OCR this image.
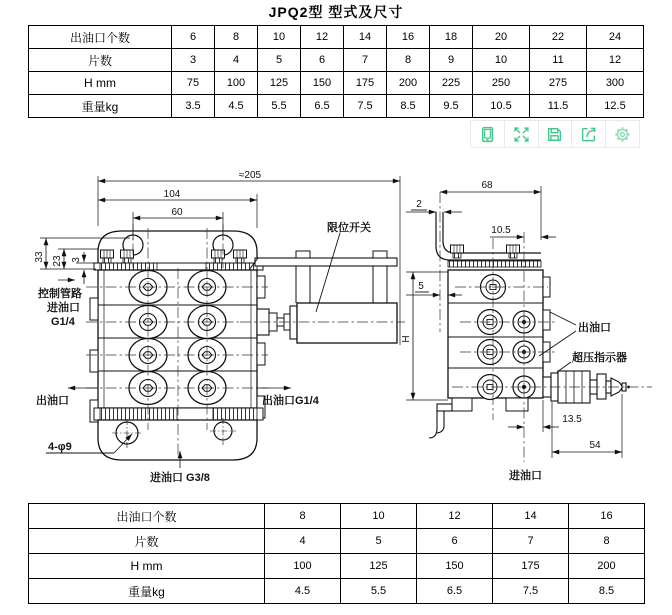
JPQ2型 型式及尺寸
出油口个数	6	8	10	12	14	16	18	20	22	24
片数	3	4	5	6	7	8	9	10	11	12
H mm	75	100	125	150	175	200	225	250	275	300
重量kg	3.5	4.5	5.5	6.5	7.5	8.5	9.5	10.5	11.5	12.5
≈205
104
60
33 23 3
限位开关
控制管路
进油口
G1/4
出油口	出油口G1/4
4-φ9
进油口 G3/8
68
2
10.5
5
H
13.5
54
出油口
超压指示器
进油口
出油口个数	8	10	12	14	16
片数	4	5	6	7	8
H mm	100	125	150	175	200
重量kg	4.5	5.5	6.5	7.5	8.5
